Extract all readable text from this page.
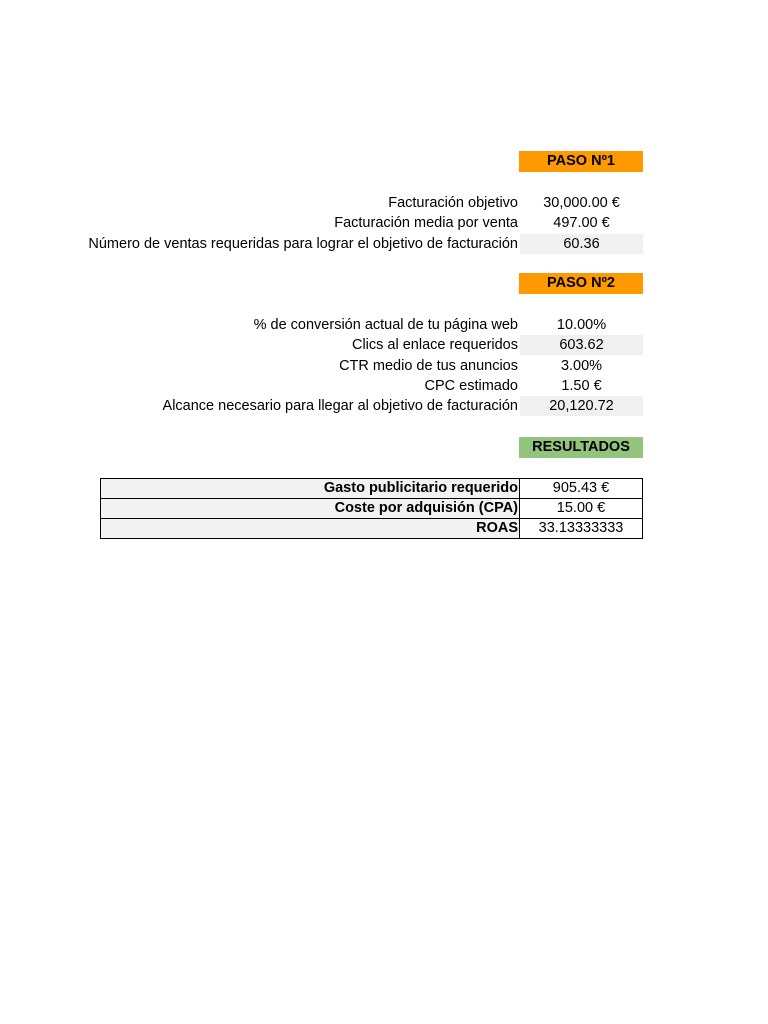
PASO Nº1
Facturación objetivo	30,000.00 €
Facturación media por venta	497.00 €
Número de ventas requeridas para lograr el objetivo de facturación	60.36
PASO Nº2
% de conversión actual de tu página web	10.00%
Clics al enlace requeridos	603.62
CTR medio de tus anuncios	3.00%
CPC estimado	1.50 €
Alcance necesario para llegar al objetivo de facturación	20,120.72
RESULTADOS
Gasto publicitario requerido	905.43 €
Coste por adquisión (CPA)	15.00 €
ROAS	33.13333333
